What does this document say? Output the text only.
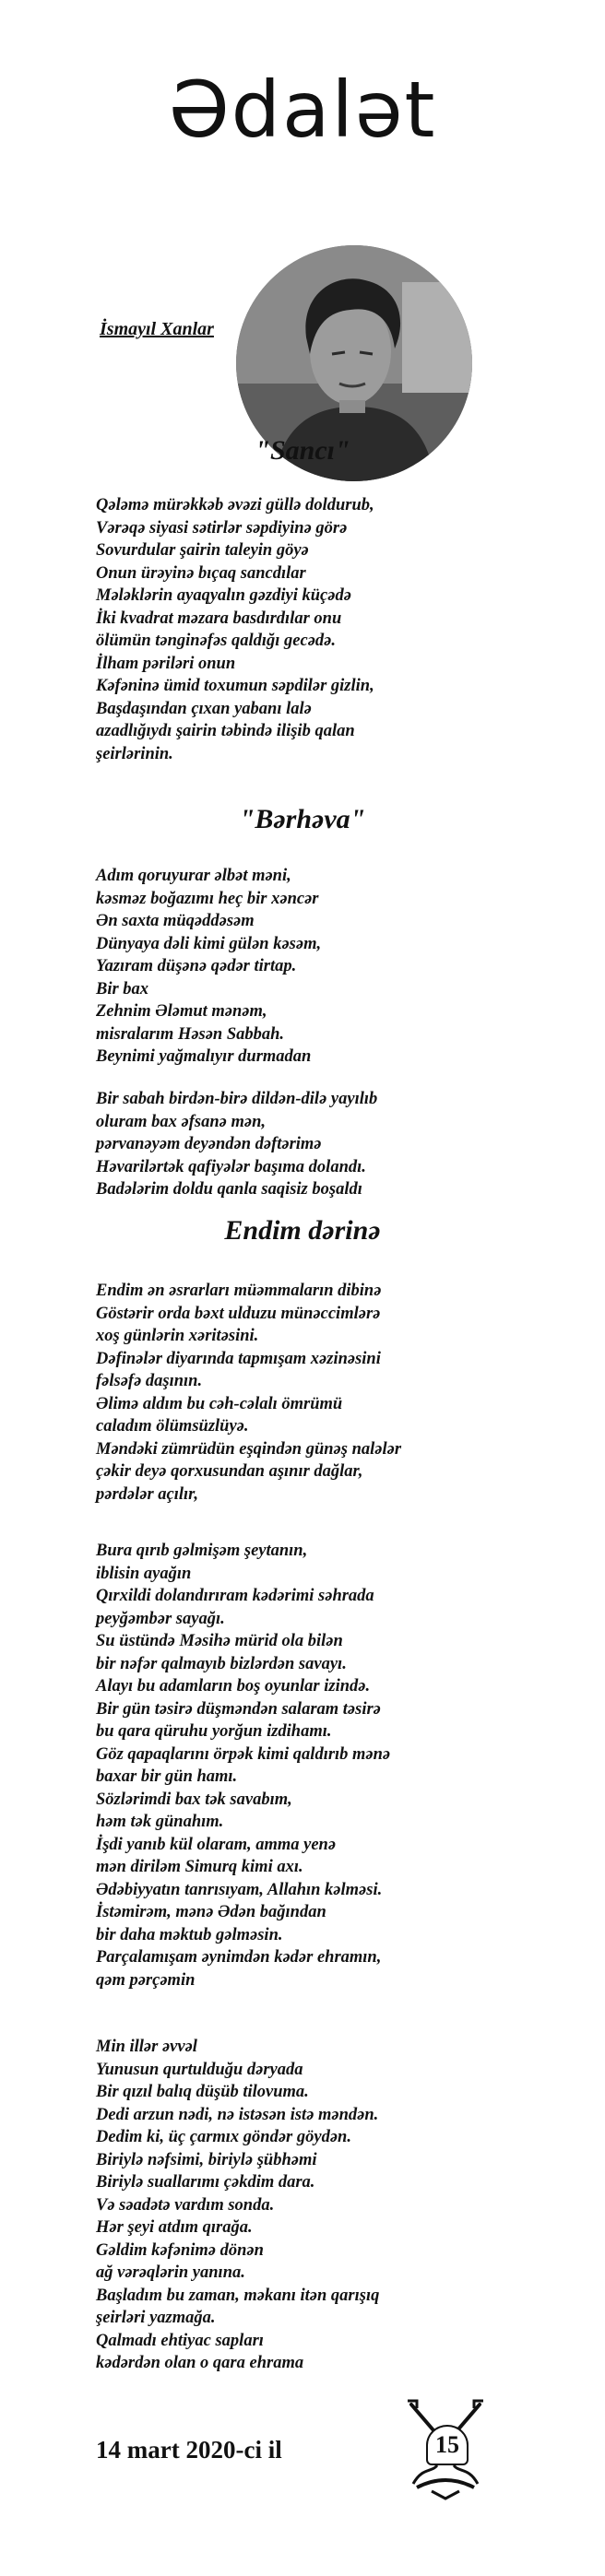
Ədalət
İsmayıl Xanlar
"Sancı"
Qələmə mürəkkəb əvəzi güllə doldurub,
Vərəqə siyasi sətirlər səpdiyinə görə
Sovurdular şairin taleyin göyə
Onun ürəyinə bıçaq sancdılar
Mələklərin ayaqyalın gəzdiyi küçədə
İki kvadrat məzara basdırdılar onu
ölümün tənginəfəs qaldığı gecədə.
İlham pəriləri onun
Kəfəninə ümid toxumun səpdilər gizlin,
Başdaşından çıxan yabanı lalə
azadlığıydı şairin təbində ilişib qalan
şeirlərinin.
"Bərhəva"
Adım qoruyurar əlbət məni,
kəsməz boğazımı heç bir xəncər
Ən saxta müqəddəsəm
Dünyaya dəli kimi gülən kəsəm,
Yazıram düşənə qədər tirtap.
Bir bax
Zehnim Ələmut mənəm,
misralarım Həsən Sabbah.
Beynimi yağmalıyır durmadan
Bir sabah birdən-birə dildən-dilə yayılıb
oluram bax əfsanə mən,
pərvanəyəm deyəndən dəftərimə
Həvarilərtək qafiyələr başıma dolandı.
Badələrim doldu qanla saqisiz boşaldı
Endim dərinə
Endim ən əsrarları müəmmaların dibinə
Göstərir orda bəxt ulduzu münəccimlərə
xoş günlərin xəritəsini.
Dəfinələr diyarında tapmışam xəzinəsini
fəlsəfə daşının.
Əlimə aldım bu cəh-cəlalı ömrümü
caladım ölümsüzlüyə.
Məndəki zümrüdün eşqindən günəş nalələr
çəkir deyə qorxusundan aşınır dağlar,
pərdələr açılır,
Bura qırıb gəlmişəm şeytanın,
iblisin ayağın
Qırxildi dolandırıram kədərimi səhrada
peyğəmbər sayağı.
Su üstündə Məsihə mürid ola bilən
bir nəfər qalmayıb bizlərdən savayı.
Alayı bu adamların boş oyunlar izində.
Bir gün təsirə düşməndən salaram təsirə
bu qara qüruhu yorğun izdihamı.
Göz qapaqlarını örpək kimi qaldırıb mənə
baxar bir gün hamı.
Sözlərimdi bax tək savabım,
həm tək günahım.
İşdi yanıb kül olaram, amma yenə
mən diriləm Simurq kimi axı.
Ədəbiyyatın tanrısıyam, Allahın kəlməsi.
İstəmirəm, mənə Ədən bağından
bir daha məktub gəlməsin.
Parçalamışam əynimdən kədər ehramın,
qəm pərçəmin
Min illər əvvəl
Yunusun qurtulduğu dəryada
Bir qızıl balıq düşüb tilovuma.
Dedi arzun nədi, nə istəsən istə məndən.
Dedim ki, üç çarmıx göndər göydən.
Biriylə nəfsimi, biriylə şübhəmi
Biriylə suallarımı çəkdim dara.
Və səadətə vardım sonda.
Hər şeyi atdım qırağa.
Gəldim kəfənimə dönən
ağ vərəqlərin yanına.
Başladım bu zaman, məkanı itən qarışıq
şeirləri yazmağa.
Qalmadı ehtiyac sapları
kədərdən olan o qara ehrama
14 mart 2020-ci il	15
